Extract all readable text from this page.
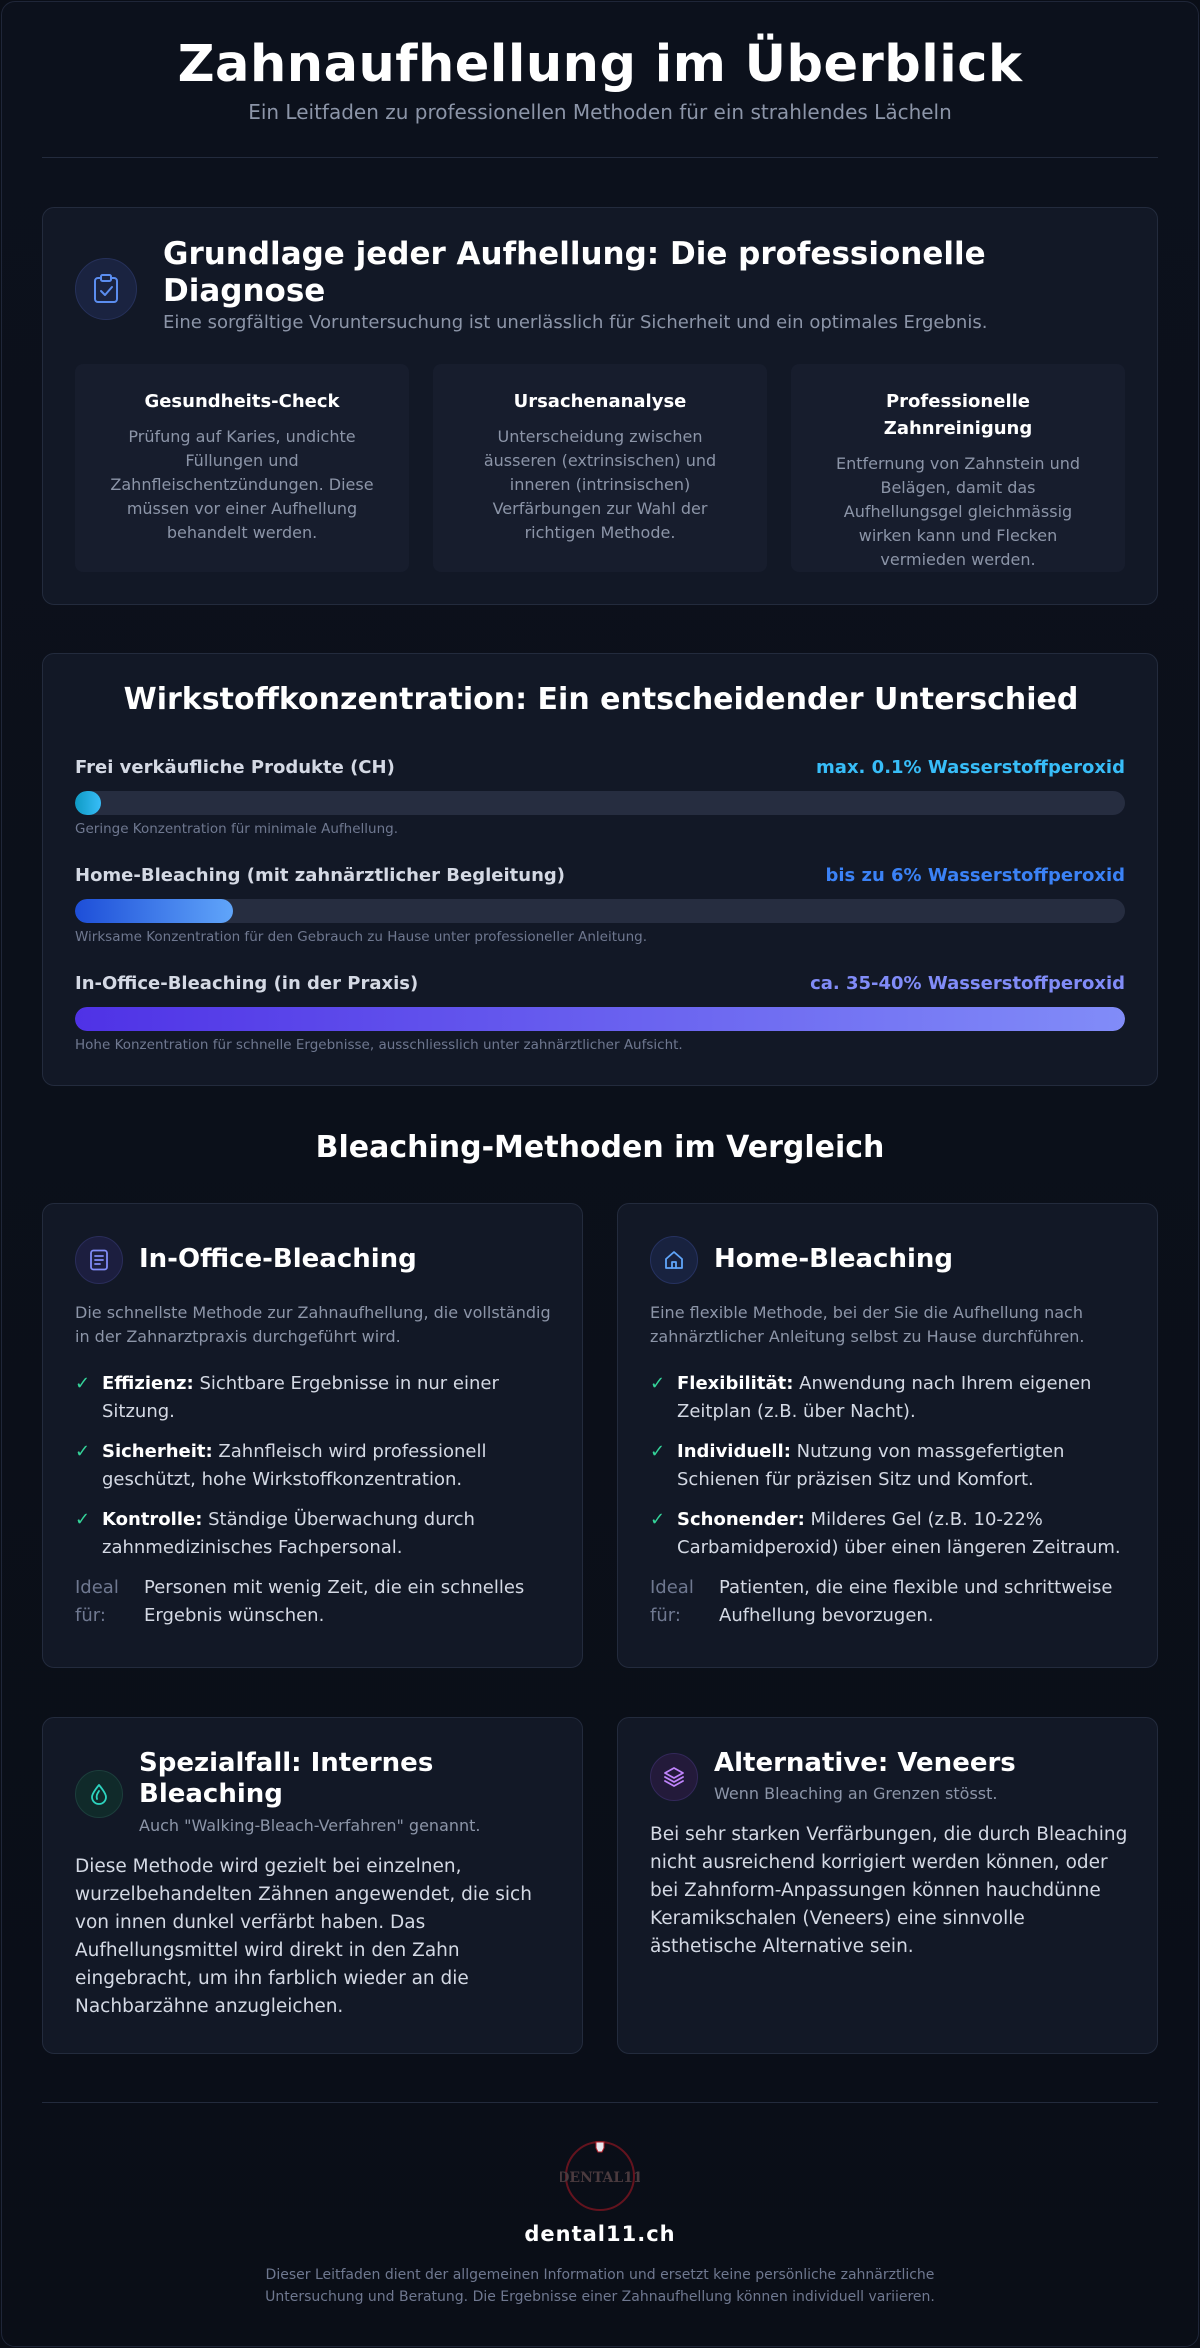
Zahnaufhellung im Überblick

Ein Leitfaden zu professionellen Methoden für ein strahlendes Lächeln

Grundlage jeder Aufhellung: Die professionelle Diagnose
Eine sorgfältige Voruntersuchung ist unerlässlich für Sicherheit und ein optimales Ergebnis.
Gesundheits-Check

Prüfung auf Karies, undichte Füllungen und Zahnfleischentzündungen. Diese müssen vor einer Aufhellung behandelt werden.

Ursachenanalyse

Unterscheidung zwischen äusseren (extrinsischen) und inneren (intrinsischen) Verfärbungen zur Wahl der richtigen Methode.

Professionelle Zahnreinigung

Entfernung von Zahnstein und Belägen, damit das Aufhellungsgel gleichmässig wirken kann und Flecken vermieden werden.

Wirkstoffkonzentration: Ein entscheidender Unterschied
Frei verkäufliche Produkte (CH)	max. 0.1% Wasserstoffperoxid
Geringe Konzentration für minimale Aufhellung.
Home-Bleaching (mit zahnärztlicher Begleitung)	bis zu 6% Wasserstoffperoxid
Wirksame Konzentration für den Gebrauch zu Hause unter professioneller Anleitung.
In-Office-Bleaching (in der Praxis)	ca. 35-40% Wasserstoffperoxid
Hohe Konzentration für schnelle Ergebnisse, ausschliesslich unter zahnärztlicher Aufsicht.
Bleaching-Methoden im Vergleich
In-Office-Bleaching
Die schnellste Methode zur Zahnaufhellung, die vollständig in der Zahnarztpraxis durchgeführt wird.
✓ Effizienz: Sichtbare Ergebnisse in nur einer Sitzung.
✓ Sicherheit: Zahnfleisch wird professionell geschützt, hohe Wirkstoffkonzentration.
✓ Kontrolle: Ständige Überwachung durch zahnmedizinisches Fachpersonal.
Ideal für:
Personen mit wenig Zeit, die ein schnelles Ergebnis wünschen.
Home-Bleaching
Eine flexible Methode, bei der Sie die Aufhellung nach zahnärztlicher Anleitung selbst zu Hause durchführen.
✓ Flexibilität: Anwendung nach Ihrem eigenen Zeitplan (z.B. über Nacht).
✓ Individuell: Nutzung von massgefertigten Schienen für präzisen Sitz und Komfort.
✓ Schonender: Milderes Gel (z.B. 10-22% Carbamidperoxid) über einen längeren Zeitraum.
Ideal für:
Patienten, die eine flexible und schrittweise Aufhellung bevorzugen.
Spezialfall: Internes Bleaching
Auch "Walking-Bleach-Verfahren" genannt.
Diese Methode wird gezielt bei einzelnen, wurzelbehandelten Zähnen angewendet, die sich von innen dunkel verfärbt haben. Das Aufhellungsmittel wird direkt in den Zahn eingebracht, um ihn farblich wieder an die Nachbarzähne anzugleichen.
Alternative: Veneers
Wenn Bleaching an Grenzen stösst.
Bei sehr starken Verfärbungen, die durch Bleaching nicht ausreichend korrigiert werden können, oder bei Zahnform-Anpassungen können hauchdünne Keramikschalen (Veneers) eine sinnvolle ästhetische Alternative sein.
DENTAL11
dental11.ch
Dieser Leitfaden dient der allgemeinen Information und ersetzt keine persönliche zahnärztliche Untersuchung und Beratung. Die Ergebnisse einer Zahnaufhellung können individuell variieren.
